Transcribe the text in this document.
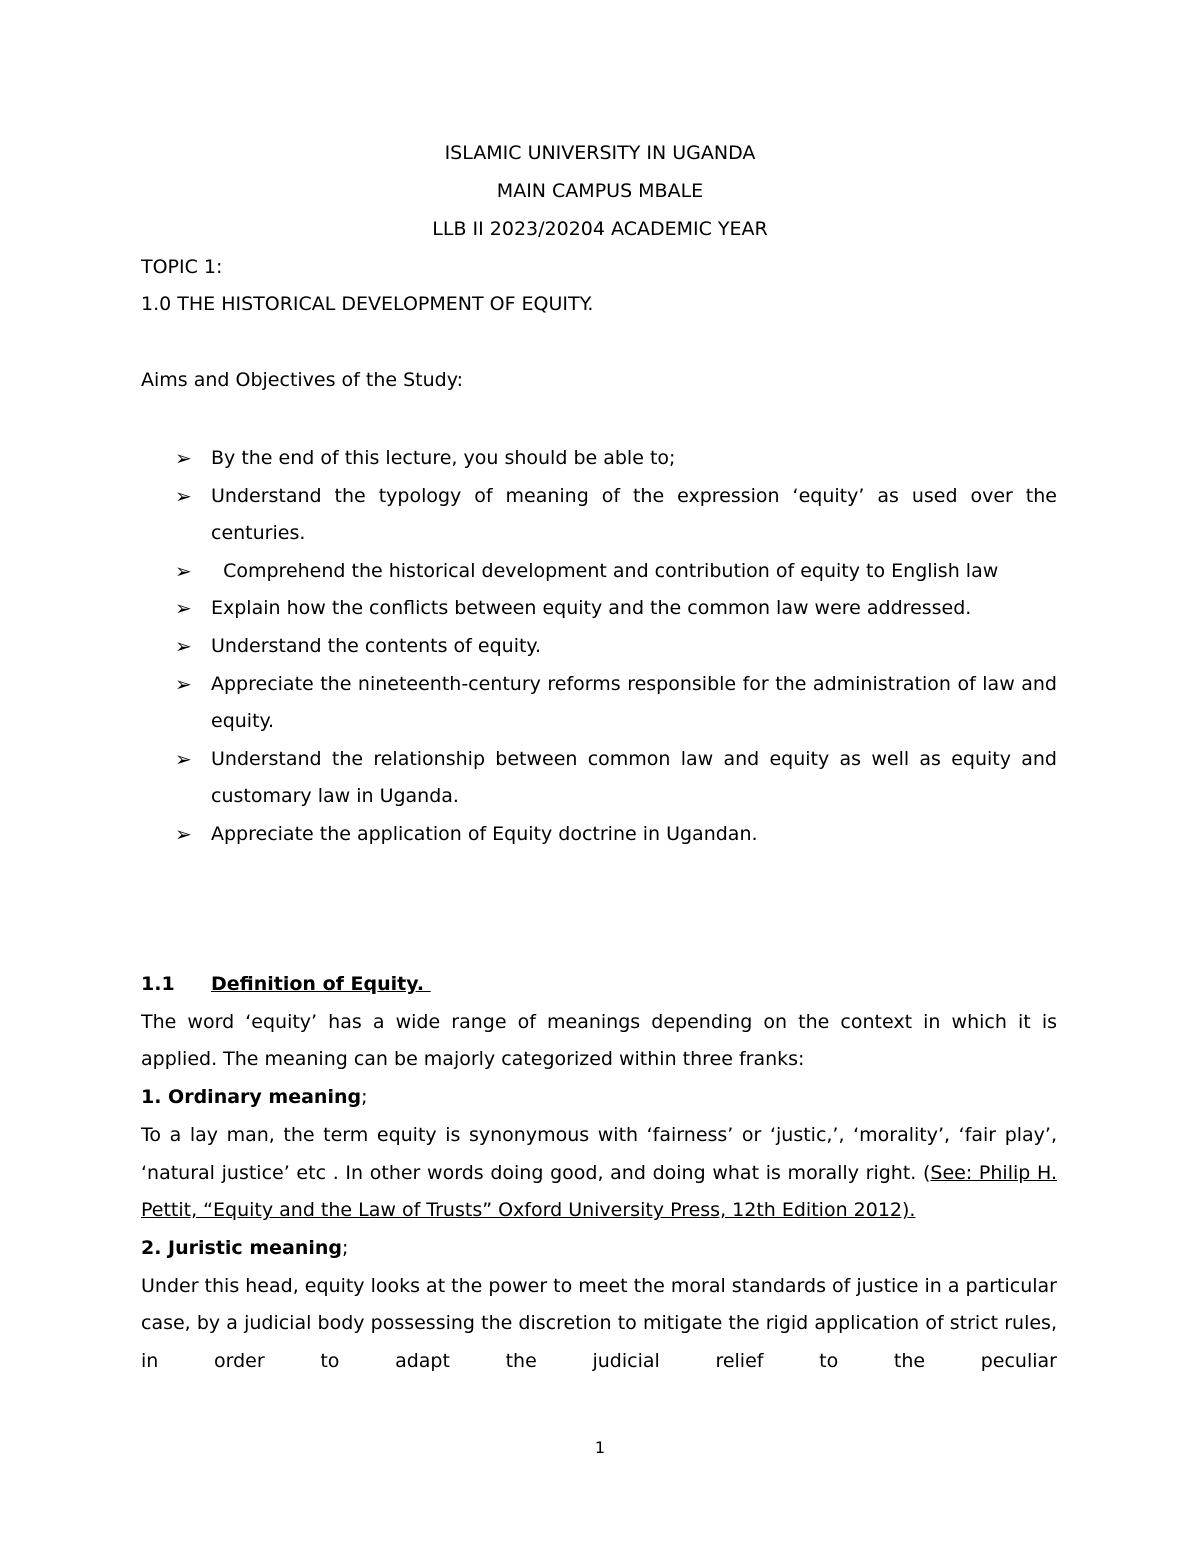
ISLAMIC UNIVERSITY IN UGANDA
MAIN CAMPUS MBALE
LLB II 2023/20204 ACADEMIC YEAR
TOPIC 1:
1.0 THE HISTORICAL DEVELOPMENT OF EQUITY.
Aims and Objectives of the Study:
➢ By the end of this lecture, you should be able to;
➢ Understand the typology of meaning of the expression ‘equity’ as used over the centuries.
➢ Comprehend the historical development and contribution of equity to English law
➢ Explain how the conflicts between equity and the common law were addressed.
➢ Understand the contents of equity.
➢ Appreciate the nineteenth-century reforms responsible for the administration of law and equity.
➢ Understand the relationship between common law and equity as well as equity and customary law in Uganda.
➢ Appreciate the application of Equity doctrine in Ugandan.

1.1 Definition of Equity.

The word ‘equity’ has a wide range of meanings depending on the context in which it is applied. The meaning can be majorly categorized within three franks:

1. Ordinary meaning;

To a lay man, the term equity is synonymous with ‘fairness’ or ‘justic,’, ‘morality’, ‘fair play’, ‘natural justice’ etc . In other words doing good, and doing what is morally right. (See: Philip H. Pettit, “Equity and the Law of Trusts” Oxford University Press, 12th Edition 2012).

2. Juristic meaning;

Under this head, equity looks at the power to meet the moral standards of justice in a particular case, by a judicial body possessing the discretion to mitigate the rigid application of strict rules, in order to adapt the judicial relief to the peculiar

1
